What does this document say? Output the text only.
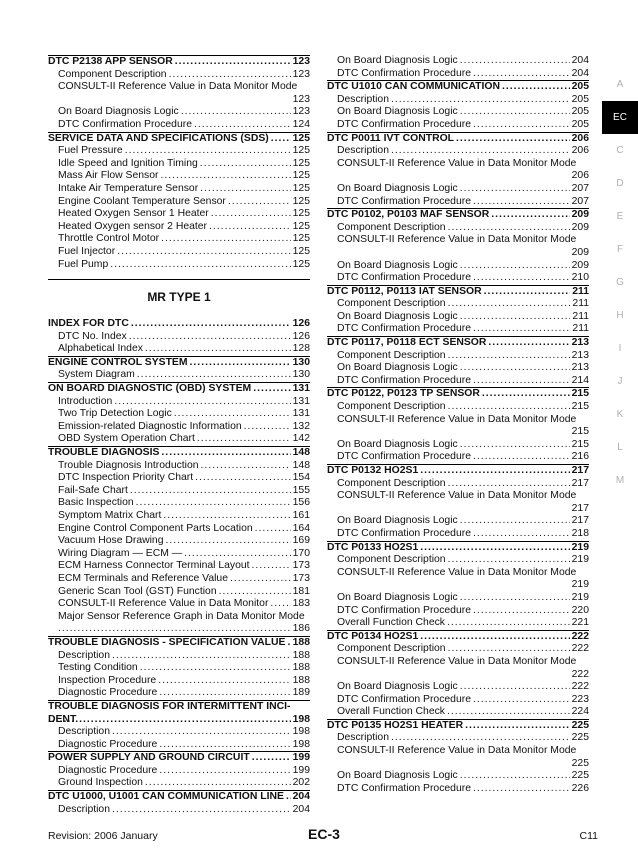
DTC P2138 APP SENSOR .....	123
Component Description .....	123
CONSULT-II Reference Value in Data Monitor Mode
123
On Board Diagnosis Logic .....	123
DTC Confirmation Procedure .....	124
SERVICE DATA AND SPECIFICATIONS (SDS) ..... 125
Fuel Pressure .....	125
Idle Speed and Ignition Timing .....	125
Mass Air Flow Sensor .....	125
Intake Air Temperature Sensor .....	125
Engine Coolant Temperature Sensor .....	125
Heated Oxygen Sensor 1 Heater .....	125
Heated Oxygen sensor 2 Heater .....	125
Throttle Control Motor .....	125
Fuel Injector .....	125
Fuel Pump .....	125
MR TYPE 1
INDEX FOR DTC .....	126
DTC No. Index .....	126
Alphabetical Index .....	128
ENGINE CONTROL SYSTEM .....	130
System Diagram .....	130
ON BOARD DIAGNOSTIC (OBD) SYSTEM .....	131
Introduction .....	131
Two Trip Detection Logic .....	131
Emission-related Diagnostic Information .....	132
OBD System Operation Chart .....	142
TROUBLE DIAGNOSIS .....	148
Trouble Diagnosis Introduction .....	148
DTC Inspection Priority Chart .....	154
Fail-Safe Chart .....	155
Basic Inspection .....	156
Symptom Matrix Chart .....	161
Engine Control Component Parts Location .....	164
Vacuum Hose Drawing .....	169
Wiring Diagram — ECM — .....	170
ECM Harness Connector Terminal Layout .....	173
ECM Terminals and Reference Value .....	173
Generic Scan Tool (GST) Function .....	181
CONSULT-II Reference Value in Data Monitor ..... 183
Major Sensor Reference Graph in Data Monitor Mode
.....
186
TROUBLE DIAGNOSIS - SPECIFICATION VALUE ..... 188
Description .....	188
Testing Condition .....	188
Inspection Procedure .....	188
Diagnostic Procedure .....	189
TROUBLE DIAGNOSIS FOR INTERMITTENT INCI-DENT .....	198
Description .....	198
Diagnostic Procedure .....	198
POWER SUPPLY AND GROUND CIRCUIT .....	199
Diagnostic Procedure .....	199
Ground Inspection .....	202
DTC U1000, U1001 CAN COMMUNICATION LINE ..... 204
Description .....	204
On Board Diagnosis Logic .....	204
DTC Confirmation Procedure .....	204
DTC U1010 CAN COMMUNICATION .....	205
Description .....	205
On Board Diagnosis Logic .....	205
DTC Confirmation Procedure .....	205
DTC P0011 IVT CONTROL .....	206
Description .....	206
CONSULT-II Reference Value in Data Monitor Mode
206
On Board Diagnosis Logic .....	207
DTC Confirmation Procedure .....	207
DTC P0102, P0103 MAF SENSOR .....	209
Component Description .....	209
CONSULT-II Reference Value in Data Monitor Mode
209
On Board Diagnosis Logic .....	209
DTC Confirmation Procedure .....	210
DTC P0112, P0113 IAT SENSOR .....	211
Component Description .....	211
On Board Diagnosis Logic .....	211
DTC Confirmation Procedure .....	211
DTC P0117, P0118 ECT SENSOR .....	213
Component Description .....	213
On Board Diagnosis Logic .....	213
DTC Confirmation Procedure .....	214
DTC P0122, P0123 TP SENSOR .....	215
Component Description .....	215
CONSULT-II Reference Value in Data Monitor Mode
215
On Board Diagnosis Logic .....	215
DTC Confirmation Procedure .....	216
DTC P0132 HO2S1 .....	217
Component Description .....	217
CONSULT-II Reference Value in Data Monitor Mode
217
On Board Diagnosis Logic .....	217
DTC Confirmation Procedure .....	218
DTC P0133 HO2S1 .....	219
Component Description .....	219
CONSULT-II Reference Value in Data Monitor Mode
219
On Board Diagnosis Logic .....	219
DTC Confirmation Procedure .....	220
Overall Function Check .....	221
DTC P0134 HO2S1 .....	222
Component Description .....	222
CONSULT-II Reference Value in Data Monitor Mode
222
On Board Diagnosis Logic .....	222
DTC Confirmation Procedure .....	223
Overall Function Check .....	224
DTC P0135 HO2S1 HEATER .....	225
Description .....	225
CONSULT-II Reference Value in Data Monitor Mode
225
On Board Diagnosis Logic .....	225
DTC Confirmation Procedure .....	226
A
EC
C
D
E
F
G
H
I
J
K
L
M
Revision: 2006 January	EC-3	C11
